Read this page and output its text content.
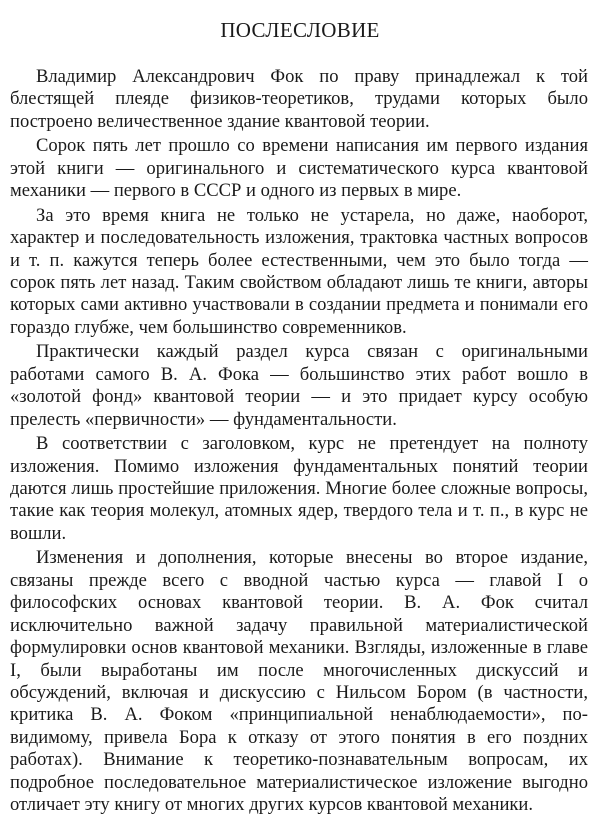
ПОСЛЕСЛОВИЕ

Владимир Александрович Фок по праву принадлежал к той блестящей плеяде физиков-теоретиков, трудами которых было построено величественное здание квантовой теории.

Сорок пять лет прошло со времени написания им первого издания этой книги — оригинального и систематического курса квантовой механики — первого в СССР и одного из первых в мире.

За это время книга не только не устарела, но даже, наоборот, характер и последовательность изложения, трактовка частных вопросов и т. п. кажутся теперь более естественными, чем это было тогда — сорок пять лет назад. Таким свойством обладают лишь те книги, авторы которых сами активно участвовали в создании предмета и понимали его гораздо глубже, чем большинство современников.

Практически каждый раздел курса связан с оригинальными работами самого В. А. Фока — большинство этих работ вошло в «золотой фонд» квантовой теории — и это придает курсу особую прелесть «первичности» — фундаментальности.

В соответствии с заголовком, курс не претендует на полноту изложения. Помимо изложения фундаментальных понятий теории даются лишь простейшие приложения. Многие более сложные вопросы, такие как теория молекул, атомных ядер, твердого тела и т. п., в курс не вошли.

Изменения и дополнения, которые внесены во второе издание, связаны прежде всего с вводной частью курса — главой I о философских основах квантовой теории. В. А. Фок считал исключительно важной задачу правильной материалистической формулировки основ квантовой механики. Взгляды, изложенные в главе I, были выработаны им после многочисленных дискуссий и обсуждений, включая и дискуссию с Нильсом Бором (в частности, критика В. А. Фоком «принципиальной ненаблюдаемости», по-видимому, привела Бора к отказу от этого понятия в его поздних работах). Внимание к теоретико-познавательным вопросам, их подробное последовательное материалистическое изложение выгодно отличает эту книгу от многих других курсов квантовой механики.
